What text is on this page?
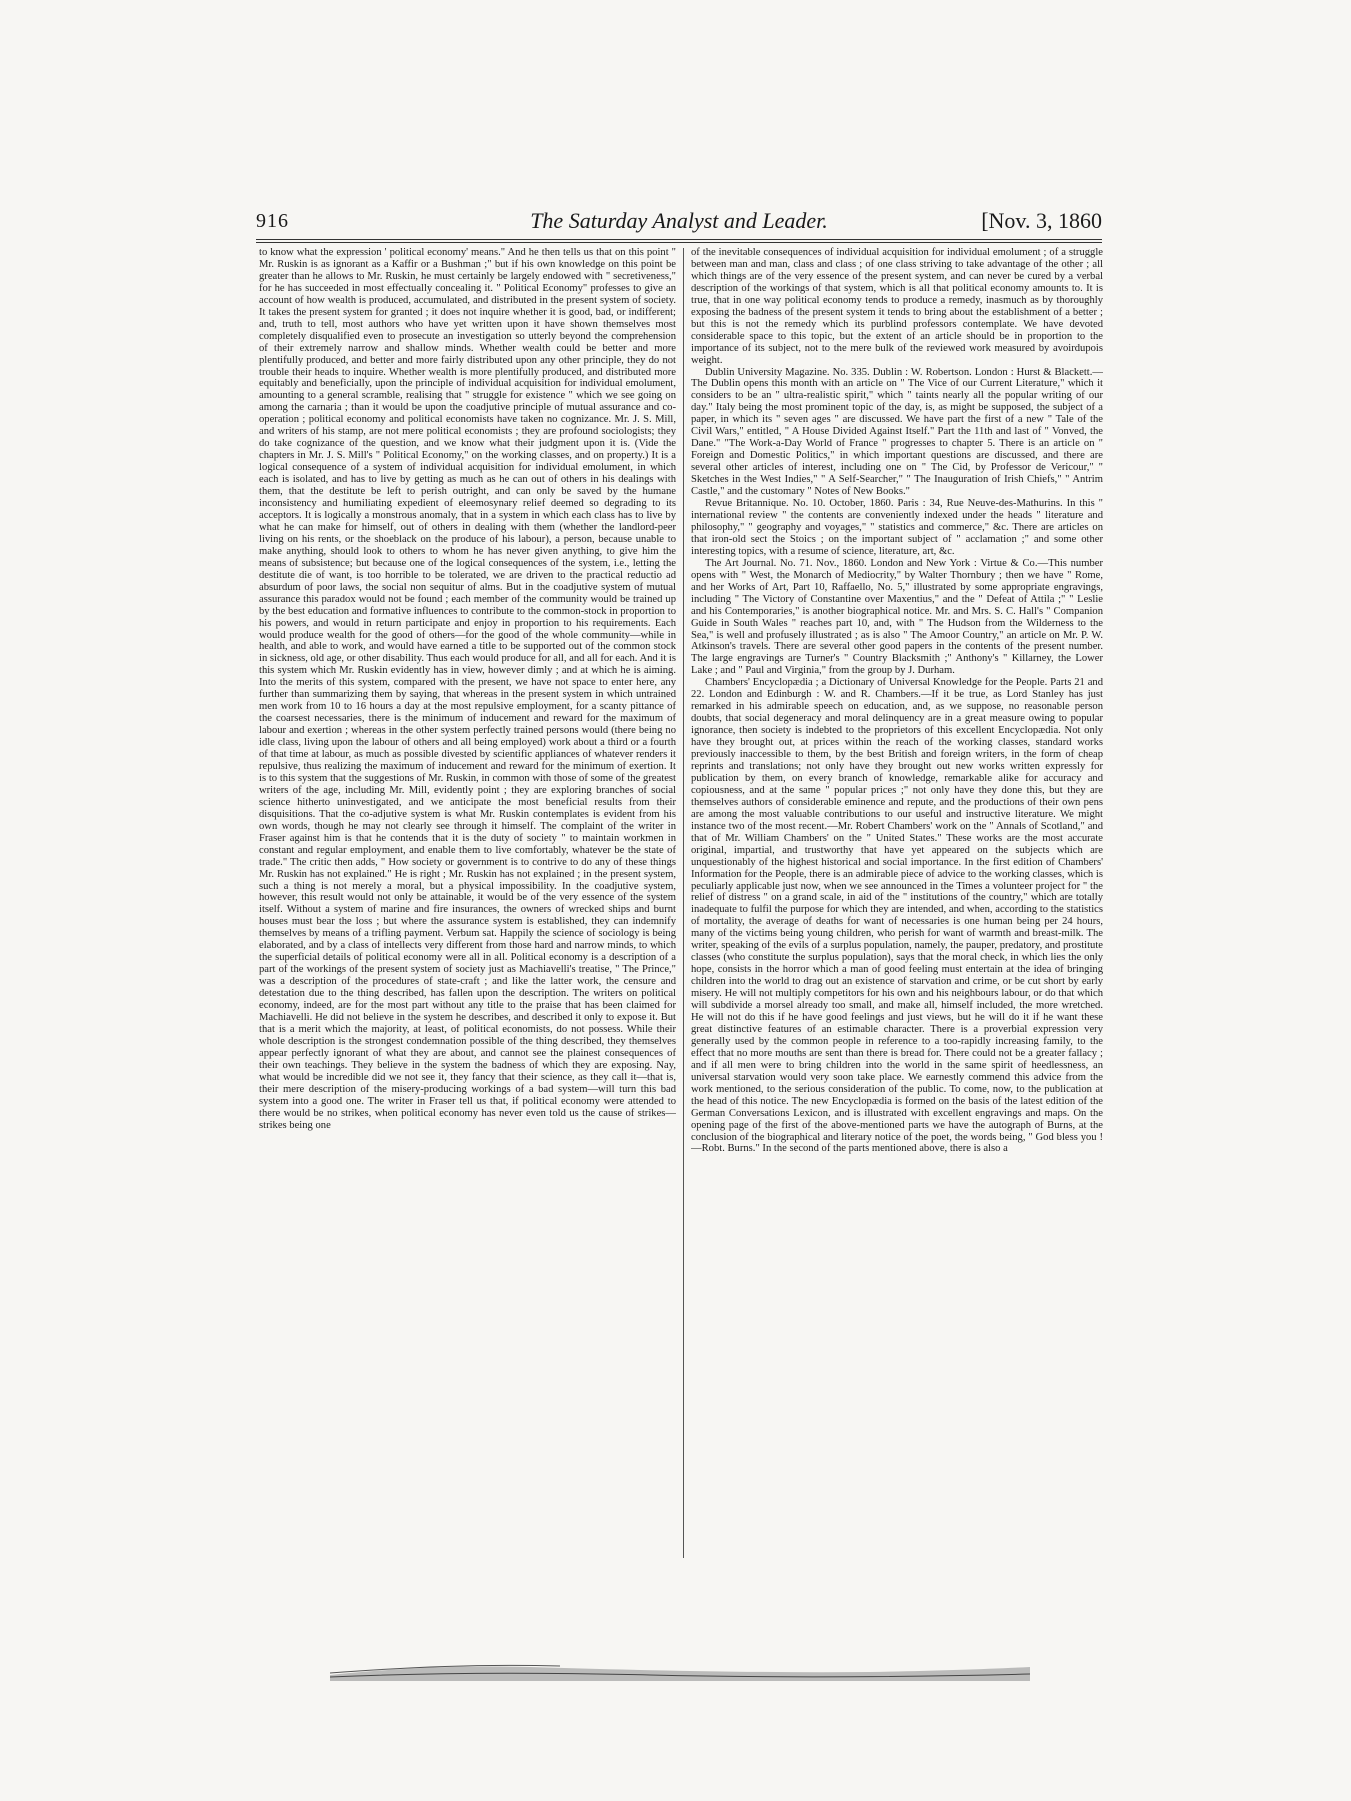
916	The Saturday Analyst and Leader.	[Nov. 3, 1860

to know what the expression ' political economy' means." And he then tells us that on this point " Mr. Ruskin is as ignorant as a Kaffir or a Bushman ;" but if his own knowledge on this point be greater than he allows to Mr. Ruskin, he must certainly be largely endowed with " secretiveness," for he has succeeded in most effectually concealing it. " Political Economy" professes to give an account of how wealth is produced, accumulated, and distributed in the present system of society. It takes the present system for granted ; it does not inquire whether it is good, bad, or indifferent; and, truth to tell, most authors who have yet written upon it have shown themselves most completely disqualified even to prosecute an investigation so utterly beyond the comprehension of their extremely narrow and shallow minds. Whether wealth could be better and more plentifully produced, and better and more fairly distributed upon any other principle, they do not trouble their heads to inquire. Whether wealth is more plentifully produced, and distributed more equitably and beneficially, upon the principle of individual acquisition for individual emolument, amounting to a general scramble, realising that " struggle for existence " which we see going on among the carnaria ; than it would be upon the coadjutive principle of mutual assurance and co-operation ; political economy and political economists have taken no cognizance. Mr. J. S. Mill, and writers of his stamp, are not mere political economists ; they are profound sociologists; they do take cognizance of the question, and we know what their judgment upon it is. (Vide the chapters in Mr. J. S. Mill's " Political Economy," on the working classes, and on property.) It is a logical consequence of a system of individual acquisition for individual emolument, in which each is isolated, and has to live by getting as much as he can out of others in his dealings with them, that the destitute be left to perish outright, and can only be saved by the humane inconsistency and humiliating expedient of eleemosynary relief deemed so degrading to its acceptors. It is logically a monstrous anomaly, that in a system in which each class has to live by what he can make for himself, out of others in dealing with them (whether the landlord-peer living on his rents, or the shoeblack on the produce of his labour), a person, because unable to make anything, should look to others to whom he has never given anything, to give him the means of subsistence; but because one of the logical consequences of the system, i.e., letting the destitute die of want, is too horrible to be tolerated, we are driven to the practical reductio ad absurdum of poor laws, the social non sequitur of alms. But in the coadjutive system of mutual assurance this paradox would not be found ; each member of the community would be trained up by the best education and formative influences to contribute to the common-stock in proportion to his powers, and would in return participate and enjoy in proportion to his requirements. Each would produce wealth for the good of others—for the good of the whole community—while in health, and able to work, and would have earned a title to be supported out of the common stock in sickness, old age, or other disability. Thus each would produce for all, and all for each. And it is this system which Mr. Ruskin evidently has in view, however dimly ; and at which he is aiming. Into the merits of this system, compared with the present, we have not space to enter here, any further than summarizing them by saying, that whereas in the present system in which untrained men work from 10 to 16 hours a day at the most repulsive employment, for a scanty pittance of the coarsest necessaries, there is the minimum of inducement and reward for the maximum of labour and exertion ; whereas in the other system perfectly trained persons would (there being no idle class, living upon the labour of others and all being employed) work about a third or a fourth of that time at labour, as much as possible divested by scientific appliances of whatever renders it repulsive, thus realizing the maximum of inducement and reward for the minimum of exertion. It is to this system that the suggestions of Mr. Ruskin, in common with those of some of the greatest writers of the age, including Mr. Mill, evidently point ; they are exploring branches of social science hitherto uninvestigated, and we anticipate the most beneficial results from their disquisitions. That the co-adjutive system is what Mr. Ruskin contemplates is evident from his own words, though he may not clearly see through it himself. The complaint of the writer in Fraser against him is that he contends that it is the duty of society " to maintain workmen in constant and regular employment, and enable them to live comfortably, whatever be the state of trade." The critic then adds, " How society or government is to contrive to do any of these things Mr. Ruskin has not explained." He is right ; Mr. Ruskin has not explained ; in the present system, such a thing is not merely a moral, but a physical impossibility. In the coadjutive system, however, this result would not only be attainable, it would be of the very essence of the system itself. Without a system of marine and fire insurances, the owners of wrecked ships and burnt houses must bear the loss ; but where the assurance system is established, they can indemnify themselves by means of a trifling payment. Verbum sat. Happily the science of sociology is being elaborated, and by a class of intellects very different from those hard and narrow minds, to which the superficial details of political economy were all in all. Political economy is a description of a part of the workings of the present system of society just as Machiavelli's treatise, " The Prince," was a description of the procedures of state-craft ; and like the latter work, the censure and detestation due to the thing described, has fallen upon the description. The writers on political economy, indeed, are for the most part without any title to the praise that has been claimed for Machiavelli. He did not believe in the system he describes, and described it only to expose it. But that is a merit which the majority, at least, of political economists, do not possess. While their whole description is the strongest condemnation possible of the thing described, they themselves appear perfectly ignorant of what they are about, and cannot see the plainest consequences of their own teachings. They believe in the system the badness of which they are exposing. Nay, what would be incredible did we not see it, they fancy that their science, as they call it—that is, their mere description of the misery-producing workings of a bad system—will turn this bad system into a good one. The writer in Fraser tell us that, if political economy were attended to there would be no strikes, when political economy has never even told us the cause of strikes—strikes being one

of the inevitable consequences of individual acquisition for individual emolument ; of a struggle between man and man, class and class ; of one class striving to take advantage of the other ; all which things are of the very essence of the present system, and can never be cured by a verbal description of the workings of that system, which is all that political economy amounts to. It is true, that in one way political economy tends to produce a remedy, inasmuch as by thoroughly exposing the badness of the present system it tends to bring about the establishment of a better ; but this is not the remedy which its purblind professors contemplate. We have devoted considerable space to this topic, but the extent of an article should be in proportion to the importance of its subject, not to the mere bulk of the reviewed work measured by avoirdupois weight.

Dublin University Magazine. No. 335. Dublin : W. Robertson. London : Hurst & Blackett.—The Dublin opens this month with an article on " The Vice of our Current Literature," which it considers to be an " ultra-realistic spirit," which " taints nearly all the popular writing of our day." Italy being the most prominent topic of the day, is, as might be supposed, the subject of a paper, in which its " seven ages " are discussed. We have part the first of a new " Tale of the Civil Wars," entitled, " A House Divided Against Itself." Part the 11th and last of " Vonved, the Dane." "The Work-a-Day World of France " progresses to chapter 5. There is an article on " Foreign and Domestic Politics," in which important questions are discussed, and there are several other articles of interest, including one on " The Cid, by Professor de Vericour," " Sketches in the West Indies," " A Self-Searcher," " The Inauguration of Irish Chiefs," " Antrim Castle," and the customary " Notes of New Books."

Revue Britannique. No. 10. October, 1860. Paris : 34, Rue Neuve-des-Mathurins. In this " international review " the contents are conveniently indexed under the heads " literature and philosophy," " geography and voyages," " statistics and commerce," &c. There are articles on that iron-old sect the Stoics ; on the important subject of " acclamation ;" and some other interesting topics, with a resume of science, literature, art, &c.

The Art Journal. No. 71. Nov., 1860. London and New York : Virtue & Co.—This number opens with " West, the Monarch of Mediocrity," by Walter Thornbury ; then we have " Rome, and her Works of Art, Part 10, Raffaello, No. 5," illustrated by some appropriate engravings, including " The Victory of Constantine over Maxentius," and the " Defeat of Attila ;" " Leslie and his Contemporaries," is another biographical notice. Mr. and Mrs. S. C. Hall's " Companion Guide in South Wales " reaches part 10, and, with " The Hudson from the Wilderness to the Sea," is well and profusely illustrated ; as is also " The Amoor Country," an article on Mr. P. W. Atkinson's travels. There are several other good papers in the contents of the present number. The large engravings are Turner's " Country Blacksmith ;" Anthony's " Killarney, the Lower Lake ; and " Paul and Virginia," from the group by J. Durham.

Chambers' Encyclopædia ; a Dictionary of Universal Knowledge for the People. Parts 21 and 22. London and Edinburgh : W. and R. Chambers.—If it be true, as Lord Stanley has just remarked in his admirable speech on education, and, as we suppose, no reasonable person doubts, that social degeneracy and moral delinquency are in a great measure owing to popular ignorance, then society is indebted to the proprietors of this excellent Encyclopædia. Not only have they brought out, at prices within the reach of the working classes, standard works previously inaccessible to them, by the best British and foreign writers, in the form of cheap reprints and translations; not only have they brought out new works written expressly for publication by them, on every branch of knowledge, remarkable alike for accuracy and copiousness, and at the same " popular prices ;" not only have they done this, but they are themselves authors of considerable eminence and repute, and the productions of their own pens are among the most valuable contributions to our useful and instructive literature. We might instance two of the most recent.—Mr. Robert Chambers' work on the " Annals of Scotland," and that of Mr. William Chambers' on the " United States." These works are the most accurate original, impartial, and trustworthy that have yet appeared on the subjects which are unquestionably of the highest historical and social importance. In the first edition of Chambers' Information for the People, there is an admirable piece of advice to the working classes, which is peculiarly applicable just now, when we see announced in the Times a volunteer project for " the relief of distress " on a grand scale, in aid of the " institutions of the country," which are totally inadequate to fulfil the purpose for which they are intended, and when, according to the statistics of mortality, the average of deaths for want of necessaries is one human being per 24 hours, many of the victims being young children, who perish for want of warmth and breast-milk. The writer, speaking of the evils of a surplus population, namely, the pauper, predatory, and prostitute classes (who constitute the surplus population), says that the moral check, in which lies the only hope, consists in the horror which a man of good feeling must entertain at the idea of bringing children into the world to drag out an existence of starvation and crime, or be cut short by early misery. He will not multiply competitors for his own and his neighbours labour, or do that which will subdivide a morsel already too small, and make all, himself included, the more wretched. He will not do this if he have good feelings and just views, but he will do it if he want these great distinctive features of an estimable character. There is a proverbial expression very generally used by the common people in reference to a too-rapidly increasing family, to the effect that no more mouths are sent than there is bread for. There could not be a greater fallacy ; and if all men were to bring children into the world in the same spirit of heedlessness, an universal starvation would very soon take place. We earnestly commend this advice from the work mentioned, to the serious consideration of the public. To come, now, to the publication at the head of this notice. The new Encyclopædia is formed on the basis of the latest edition of the German Conversations Lexicon, and is illustrated with excellent engravings and maps. On the opening page of the first of the above-mentioned parts we have the autograph of Burns, at the conclusion of the biographical and literary notice of the poet, the words being, " God bless you !—Robt. Burns." In the second of the parts mentioned above, there is also a
